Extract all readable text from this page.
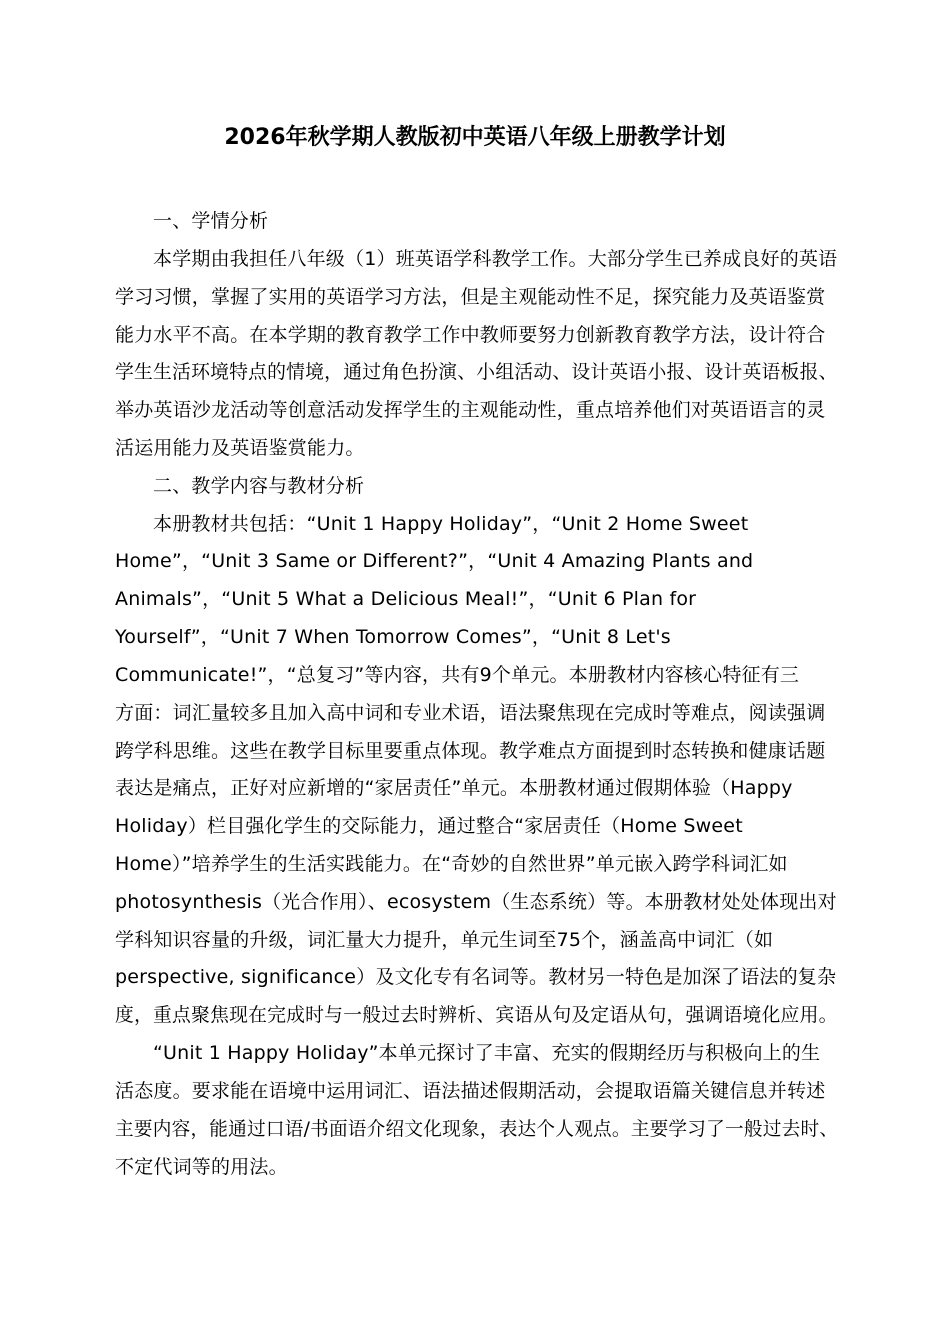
2026年秋学期人教版初中英语八年级上册教学计划
一、学情分析
本学期由我担任八年级（1）班英语学科教学工作。大部分学生已养成良好的英语
学习习惯，掌握了实用的英语学习方法，但是主观能动性不足，探究能力及英语鉴赏
能力水平不高。在本学期的教育教学工作中教师要努力创新教育教学方法，设计符合
学生生活环境特点的情境，通过角色扮演、小组活动、设计英语小报、设计英语板报、
举办英语沙龙活动等创意活动发挥学生的主观能动性，重点培养他们对英语语言的灵
活运用能力及英语鉴赏能力。
二、教学内容与教材分析
本册教材共包括：“Unit 1 Happy Holiday”，“Unit 2 Home Sweet
Home”，“Unit 3 Same or Different?”，“Unit 4 Amazing Plants and
Animals”，“Unit 5 What a Delicious Meal!”，“Unit 6 Plan for
Yourself”，“Unit 7 When Tomorrow Comes”，“Unit 8 Let's
Communicate!”，“总复习”等内容，共有9个单元。本册教材内容核心特征有三
方面：词汇量较多且加入高中词和专业术语，语法聚焦现在完成时等难点，阅读强调
跨学科思维。这些在教学目标里要重点体现。教学难点方面提到时态转换和健康话题
表达是痛点，正好对应新增的“家居责任”单元。本册教材通过假期体验（Happy
Holiday）栏目强化学生的交际能力，通过整合“家居责任（Home Sweet
Home）”培养学生的生活实践能力。在“奇妙的自然世界”单元嵌入跨学科词汇如
photosynthesis（光合作用）、ecosystem（生态系统）等。本册教材处处体现出对
学科知识容量的升级，词汇量大力提升，单元生词至75个，涵盖高中词汇（如
perspective, significance）及文化专有名词等。教材另一特色是加深了语法的复杂
度，重点聚焦现在完成时与一般过去时辨析、宾语从句及定语从句，强调语境化应用。
“Unit 1 Happy Holiday”本单元探讨了丰富、充实的假期经历与积极向上的生
活态度。要求能在语境中运用词汇、语法描述假期活动，会提取语篇关键信息并转述
主要内容，能通过口语/书面语介绍文化现象，表达个人观点。主要学习了一般过去时、
不定代词等的用法。
